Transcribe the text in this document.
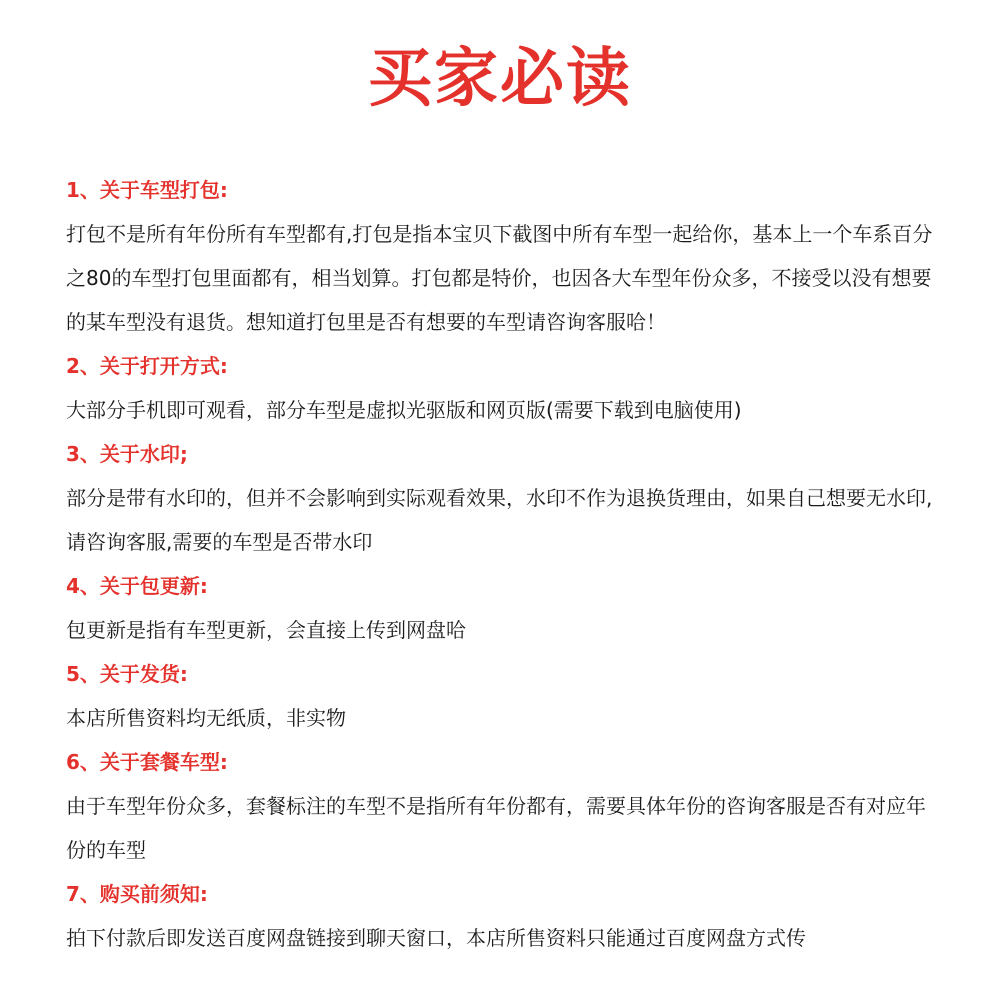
买家必读

1、关于车型打包:

打包不是所有年份所有车型都有,打包是指本宝贝下截图中所有车型一起给你，基本上一个车系百分之80的车型打包里面都有，相当划算。打包都是特价，也因各大车型年份众多，不接受以没有想要的某车型没有退货。想知道打包里是否有想要的车型请咨询客服哈！

2、关于打开方式:

大部分手机即可观看，部分车型是虚拟光驱版和网页版(需要下载到电脑使用)

3、关于水印;

部分是带有水印的，但并不会影响到实际观看效果，水印不作为退换货理由，如果自己想要无水印,请咨询客服,需要的车型是否带水印

4、关于包更新:

包更新是指有车型更新，会直接上传到网盘哈

5、关于发货:

本店所售资料均无纸质，非实物

6、关于套餐车型:

由于车型年份众多，套餐标注的车型不是指所有年份都有，需要具体年份的咨询客服是否有对应年份的车型

7、购买前须知:

拍下付款后即发送百度网盘链接到聊天窗口，本店所售资料只能通过百度网盘方式传
